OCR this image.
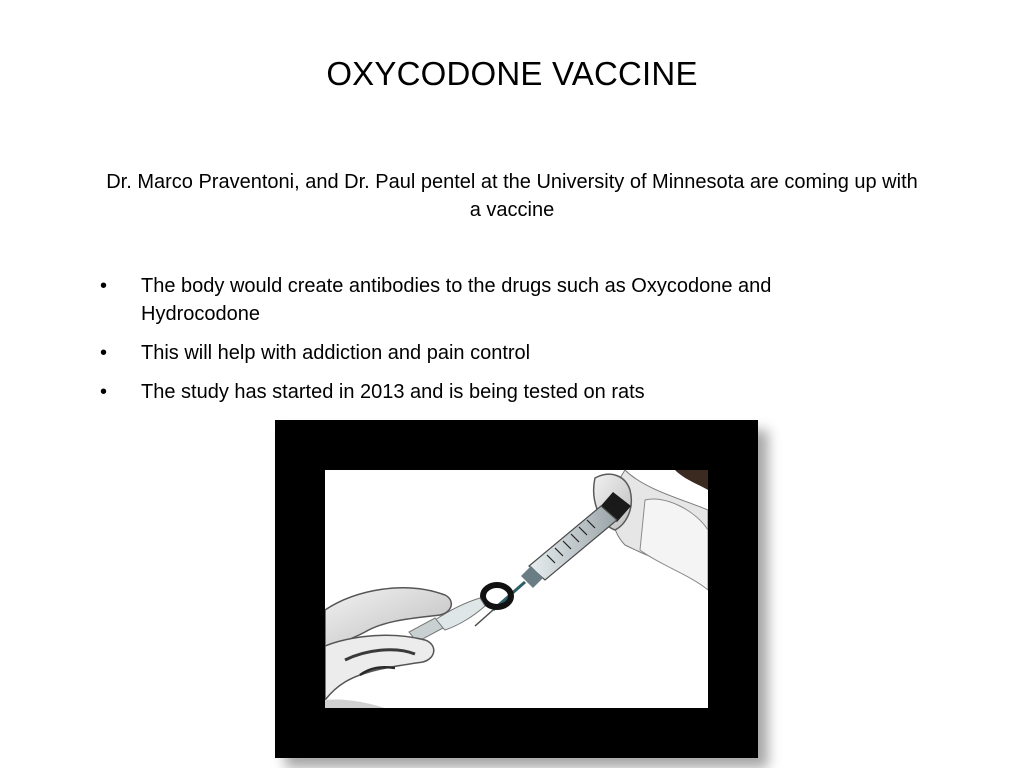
OXYCODONE VACCINE
Dr. Marco Praventoni, and Dr. Paul pentel at the University of Minnesota are coming up with a vaccine
•	The body would create antibodies to the drugs such as Oxycodone and Hydrocodone
•	This will help with addiction and pain control
•	The study has started in 2013 and is being tested on rats
